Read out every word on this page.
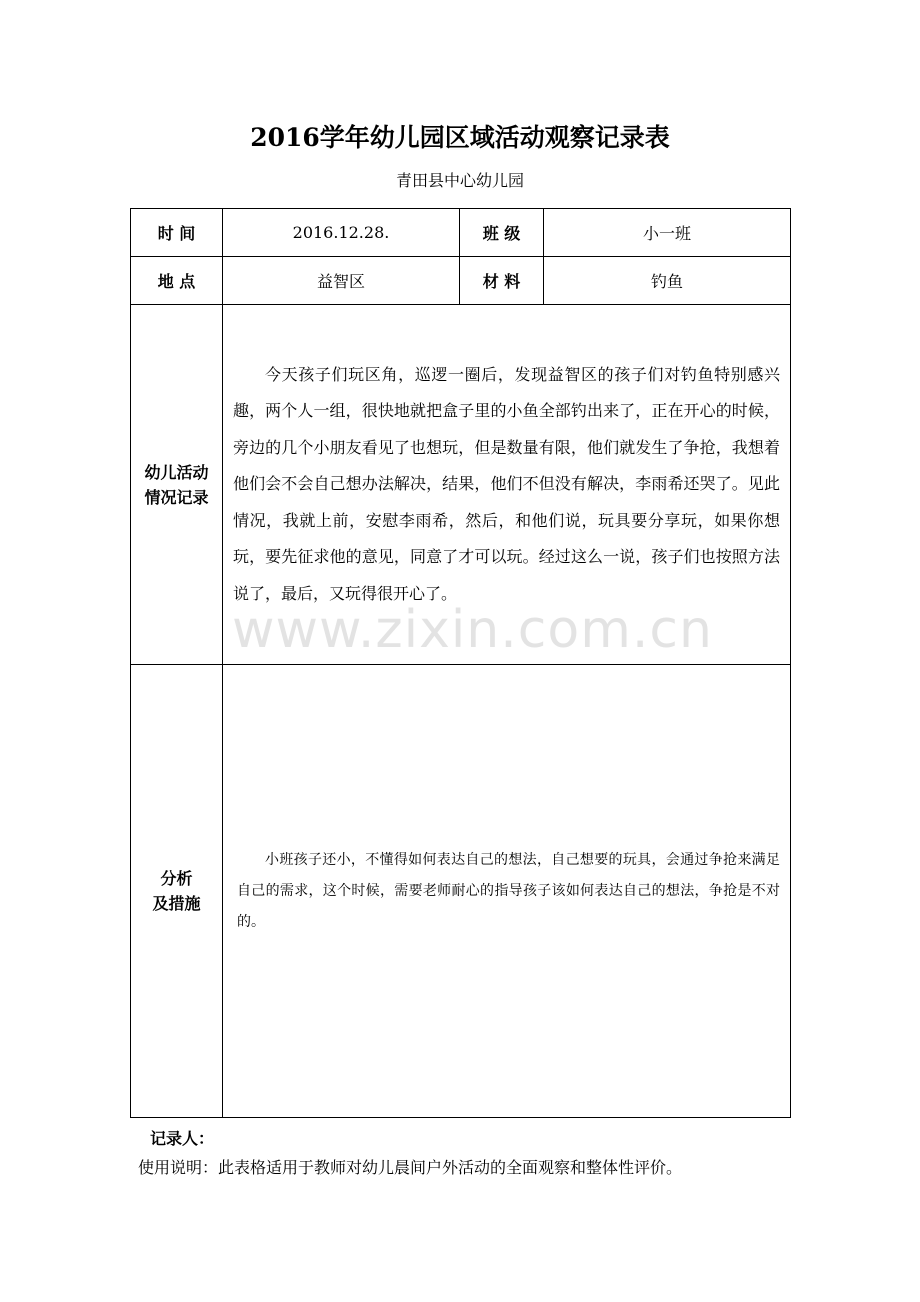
2016学年幼儿园区域活动观察记录表
青田县中心幼儿园
时 间	2016.12.28.	班 级	小一班
地 点	益智区	材 料	钓鱼

幼儿活动
情况记录	今天孩子们玩区角，巡逻一圈后，发现益智区的孩子们对钓鱼特别感兴趣，两个人一组，很快地就把盒子里的小鱼全部钓出来了，正在开心的时候，旁边的几个小朋友看见了也想玩，但是数量有限，他们就发生了争抢，我想着他们会不会自己想办法解决，结果，他们不但没有解决，李雨希还哭了。见此情况，我就上前，安慰李雨希，然后，和他们说，玩具要分享玩，如果你想玩，要先征求他的意见，同意了才可以玩。经过这么一说，孩子们也按照方法说了，最后，又玩得很开心了。		

分析
及措施	小班孩子还小，不懂得如何表达自己的想法，自己想要的玩具，会通过争抢来满足自己的需求，这个时候，需要老师耐心的指导孩子该如何表达自己的想法，争抢是不对的。		
记录人：
使用说明：此表格适用于教师对幼儿晨间户外活动的全面观察和整体性评价。
www.zixin.com.cn
